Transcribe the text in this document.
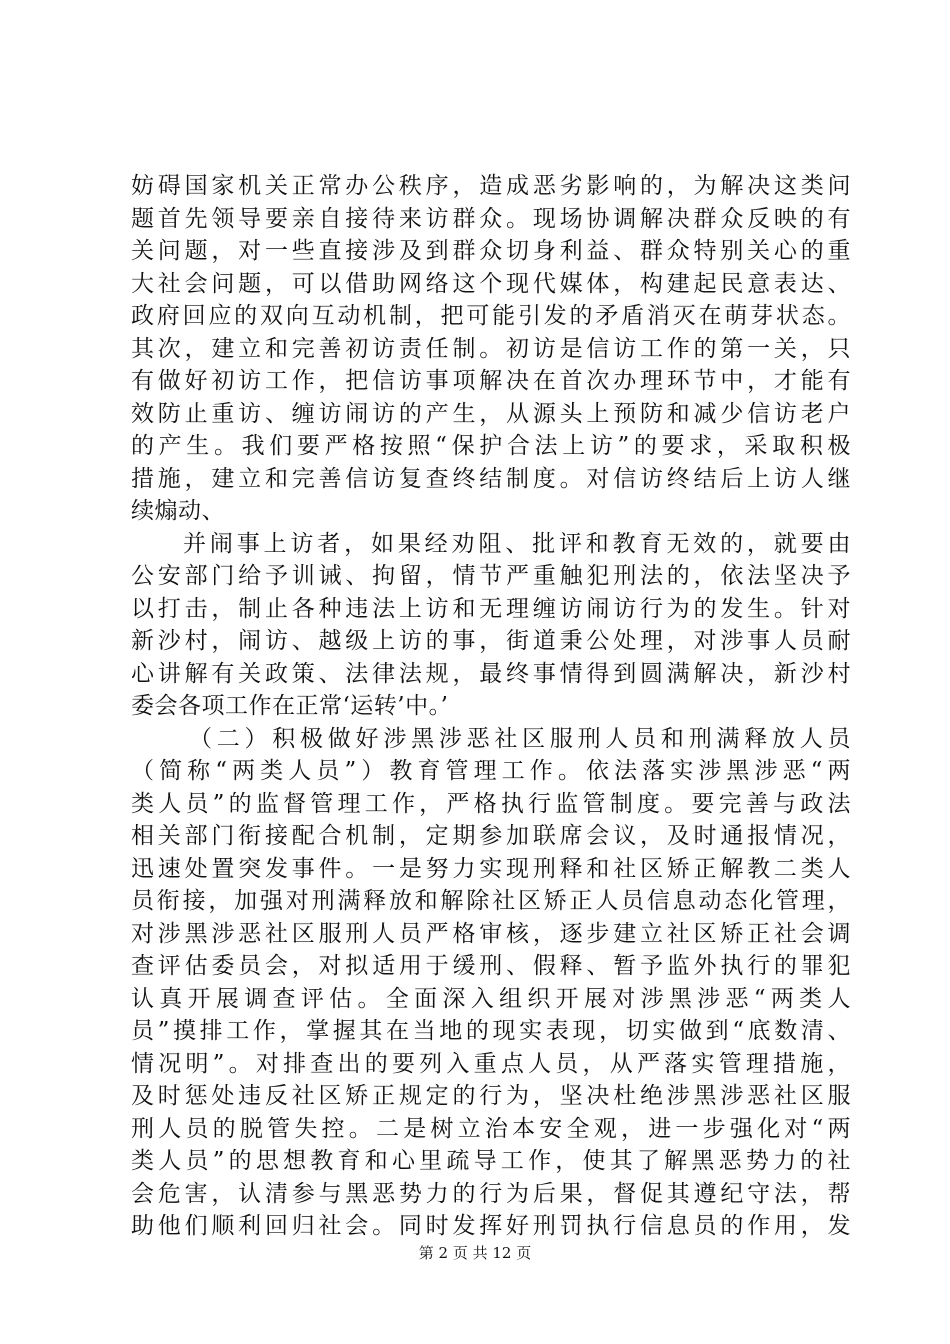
妨碍国家机关正常办公秩序，造成恶劣影响的，为解决这类问
题首先领导要亲自接待来访群众。现场协调解决群众反映的有
关问题，对一些直接涉及到群众切身利益、群众特别关心的重
大社会问题，可以借助网络这个现代媒体，构建起民意表达、
政府回应的双向互动机制，把可能引发的矛盾消灭在萌芽状态。
其次，建立和完善初访责任制。初访是信访工作的第一关，只
有做好初访工作，把信访事项解决在首次办理环节中，才能有
效防止重访、缠访闹访的产生，从源头上预防和减少信访老户
的产生。我们要严格按照“保护合法上访”的要求，采取积极
措施，建立和完善信访复查终结制度。对信访终结后上访人继
续煽动、
并闹事上访者，如果经劝阻、批评和教育无效的，就要由
公安部门给予训诫、拘留，情节严重触犯刑法的，依法坚决予
以打击，制止各种违法上访和无理缠访闹访行为的发生。针对
新沙村，闹访、越级上访的事，街道秉公处理，对涉事人员耐
心讲解有关政策、法律法规，最终事情得到圆满解决，新沙村
委会各项工作在正常‘运转’中。’
（二）积极做好涉黑涉恶社区服刑人员和刑满释放人员
（简称“两类人员”）教育管理工作。依法落实涉黑涉恶“两
类人员”的监督管理工作，严格执行监管制度。要完善与政法
相关部门衔接配合机制，定期参加联席会议，及时通报情况，
迅速处置突发事件。一是努力实现刑释和社区矫正解教二类人
员衔接，加强对刑满释放和解除社区矫正人员信息动态化管理，
对涉黑涉恶社区服刑人员严格审核，逐步建立社区矫正社会调
查评估委员会，对拟适用于缓刑、假释、暂予监外执行的罪犯
认真开展调查评估。全面深入组织开展对涉黑涉恶“两类人
员”摸排工作，掌握其在当地的现实表现，切实做到“底数清、
情况明”。对排查出的要列入重点人员，从严落实管理措施，
及时惩处违反社区矫正规定的行为，坚决杜绝涉黑涉恶社区服
刑人员的脱管失控。二是树立治本安全观，进一步强化对“两
类人员”的思想教育和心里疏导工作，使其了解黑恶势力的社
会危害，认清参与黑恶势力的行为后果，督促其遵纪守法，帮
助他们顺利回归社会。同时发挥好刑罚执行信息员的作用，发
第 2 页 共 12 页
